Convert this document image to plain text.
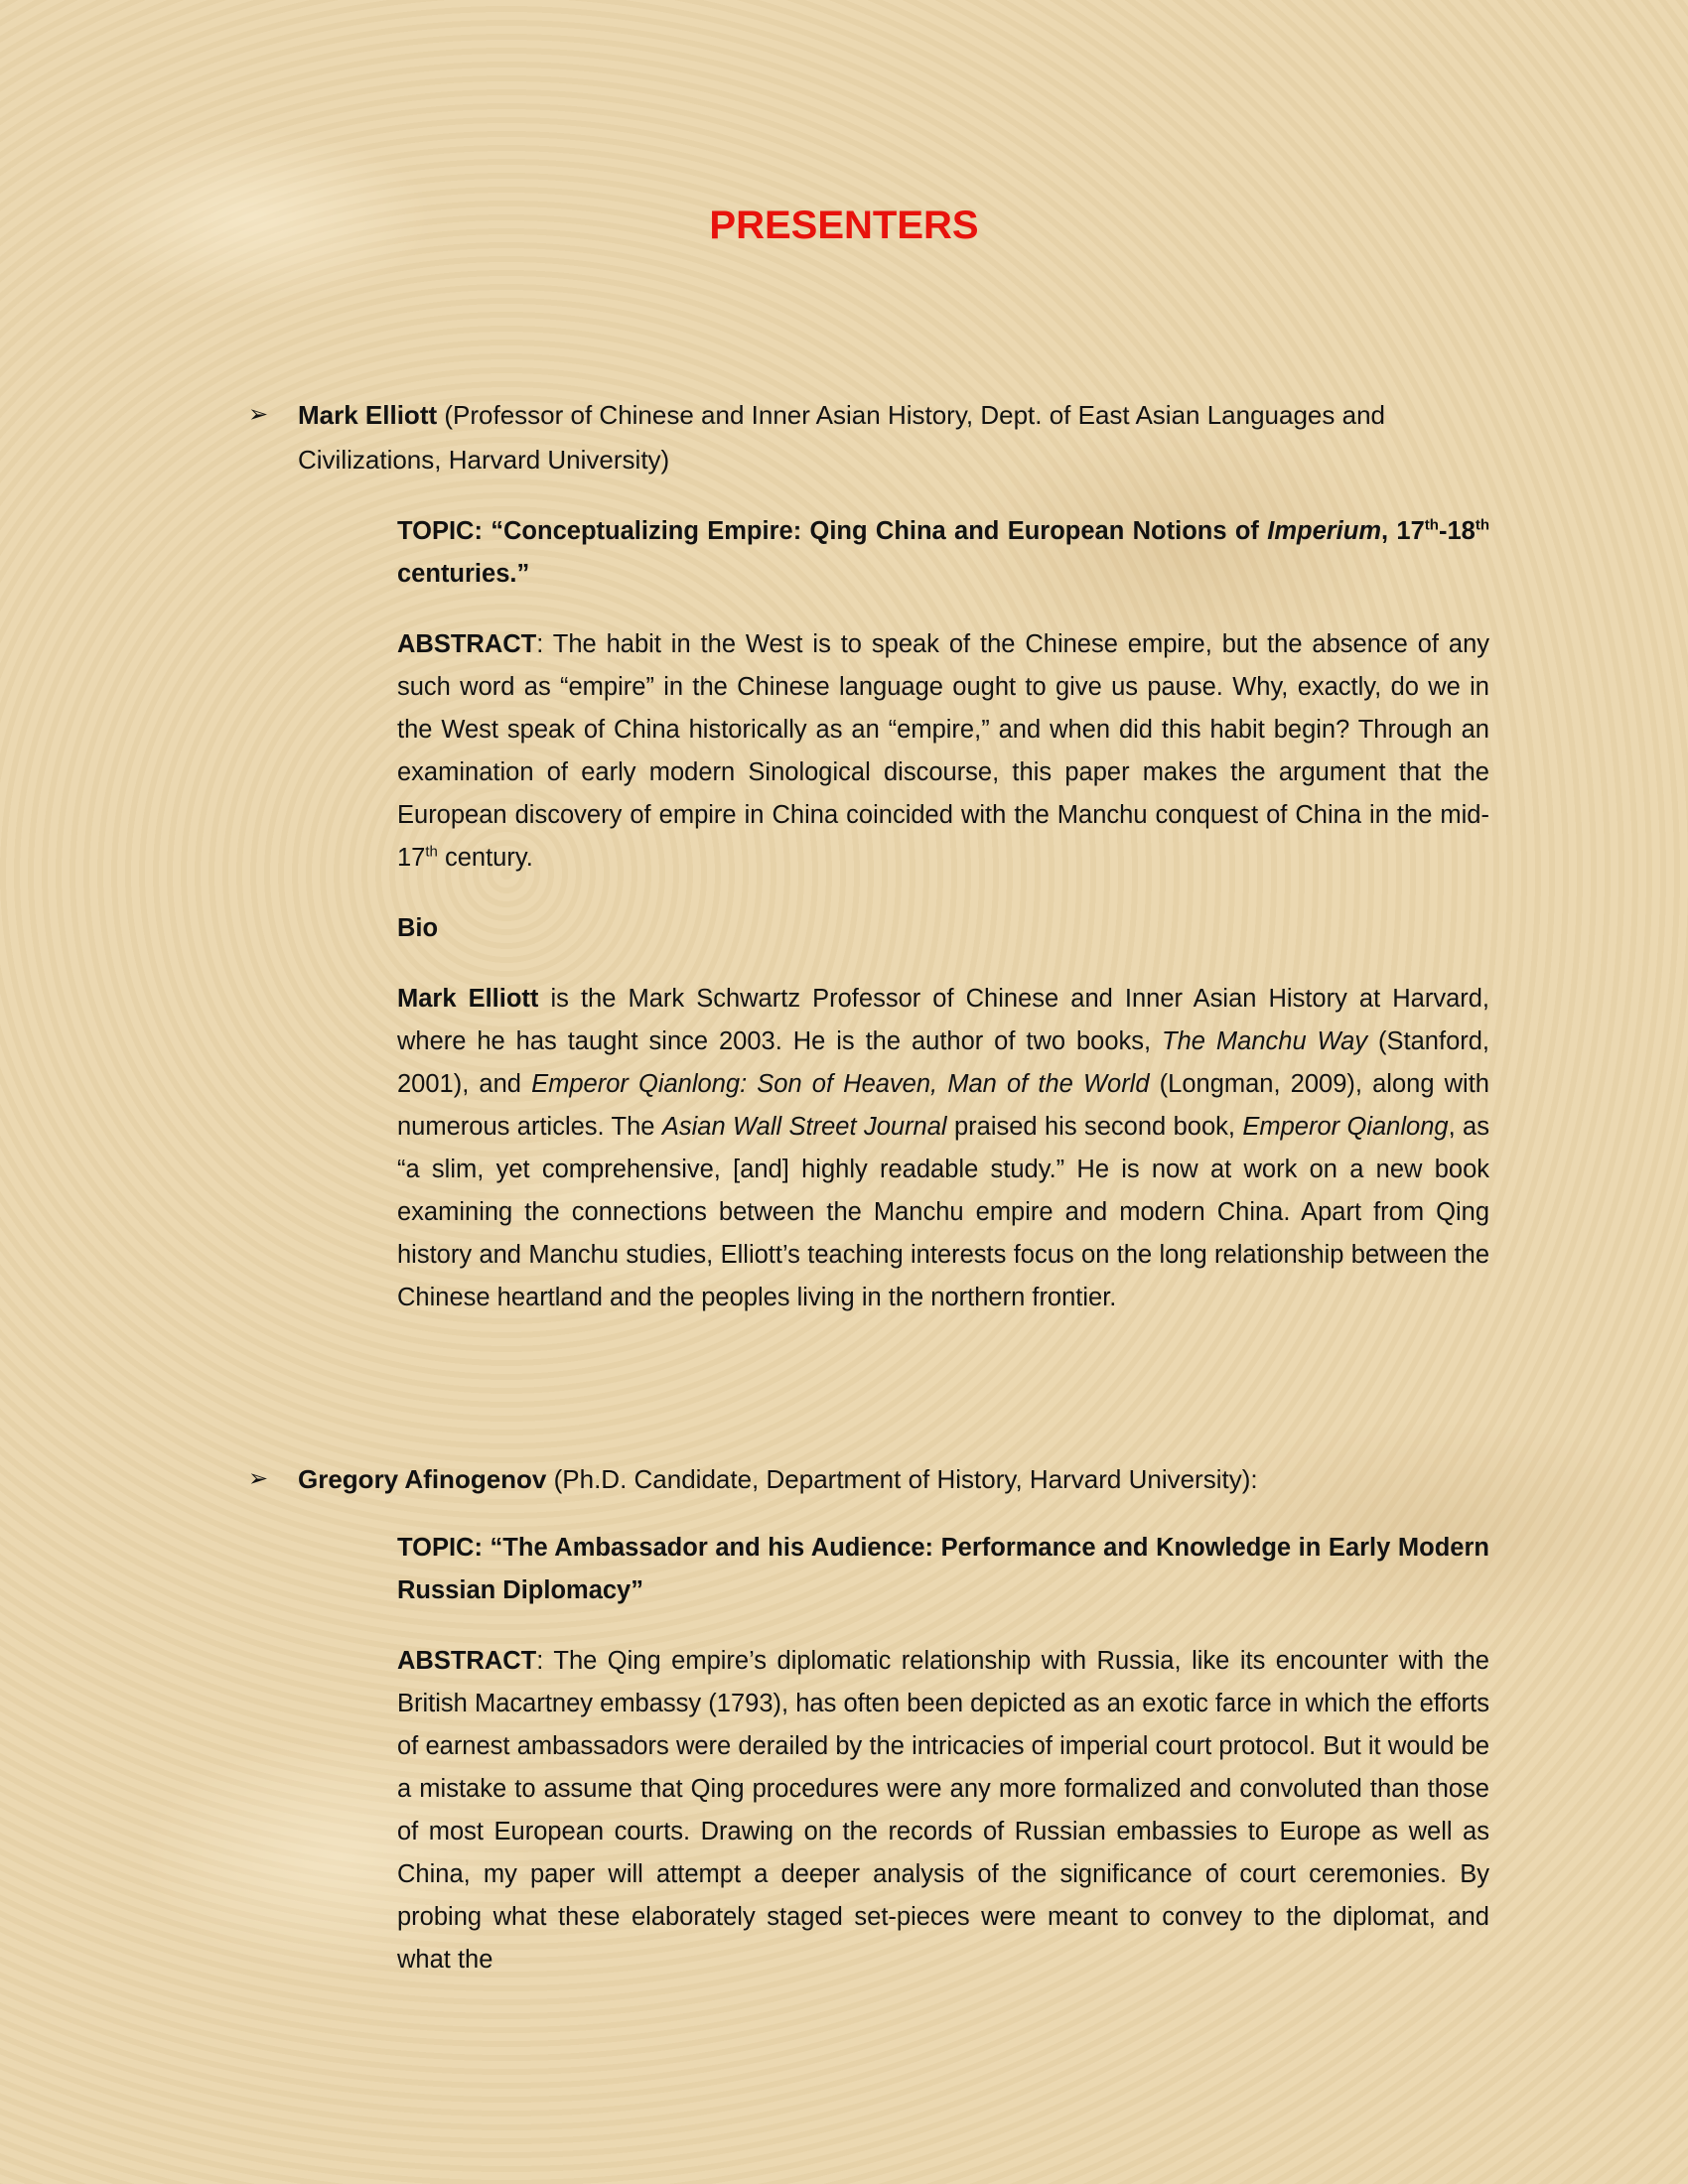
PRESENTERS
➢ Mark Elliott (Professor of Chinese and Inner Asian History, Dept. of East Asian Languages and Civilizations, Harvard University)

TOPIC: “Conceptualizing Empire: Qing China and European Notions of Imperium, 17th-18th centuries.”

ABSTRACT: The habit in the West is to speak of the Chinese empire, but the absence of any such word as “empire” in the Chinese language ought to give us pause. Why, exactly, do we in the West speak of China historically as an “empire,” and when did this habit begin? Through an examination of early modern Sinological discourse, this paper makes the argument that the European discovery of empire in China coincided with the Manchu conquest of China in the mid-17th century.

Bio

Mark Elliott is the Mark Schwartz Professor of Chinese and Inner Asian History at Harvard, where he has taught since 2003. He is the author of two books, The Manchu Way (Stanford, 2001), and Emperor Qianlong: Son of Heaven, Man of the World (Longman, 2009), along with numerous articles. The Asian Wall Street Journal praised his second book, Emperor Qianlong, as “a slim, yet comprehensive, [and] highly readable study.” He is now at work on a new book examining the connections between the Manchu empire and modern China. Apart from Qing history and Manchu studies, Elliott’s teaching interests focus on the long relationship between the Chinese heartland and the peoples living in the northern frontier.

➢ Gregory Afinogenov (Ph.D. Candidate, Department of History, Harvard University):

TOPIC: “The Ambassador and his Audience: Performance and Knowledge in Early Modern Russian Diplomacy”

ABSTRACT: The Qing empire’s diplomatic relationship with Russia, like its encounter with the British Macartney embassy (1793), has often been depicted as an exotic farce in which the efforts of earnest ambassadors were derailed by the intricacies of imperial court protocol. But it would be a mistake to assume that Qing procedures were any more formalized and convoluted than those of most European courts. Drawing on the records of Russian embassies to Europe as well as China, my paper will attempt a deeper analysis of the significance of court ceremonies. By probing what these elaborately staged set-pieces were meant to convey to the diplomat, and what the
